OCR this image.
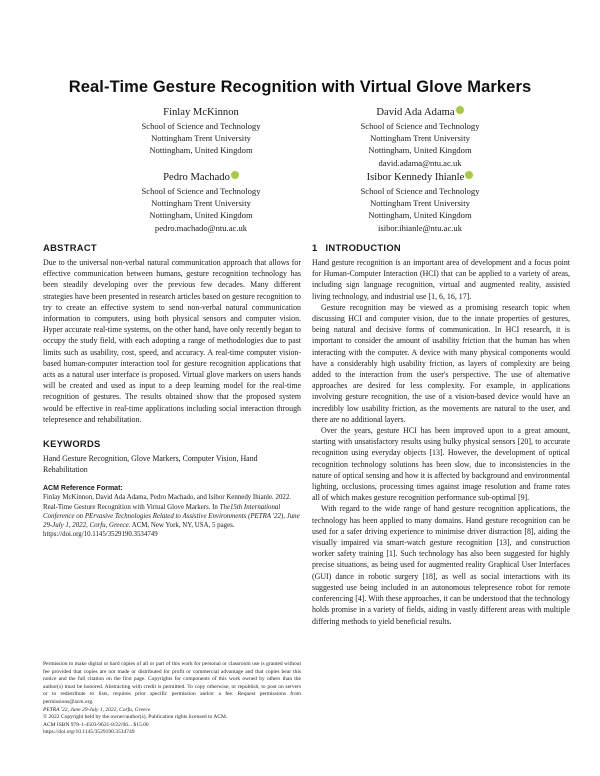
Real-Time Gesture Recognition with Virtual Glove Markers
Finlay McKinnon
School of Science and Technology
Nottingham Trent University
Nottingham, United Kingdom
David Ada Adama
School of Science and Technology
Nottingham Trent University
Nottingham, United Kingdom
david.adama@ntu.ac.uk
Pedro Machado
School of Science and Technology
Nottingham Trent University
Nottingham, United Kingdom
pedro.machado@ntu.ac.uk
Isibor Kennedy Ihianle
School of Science and Technology
Nottingham Trent University
Nottingham, United Kingdom
isibor.ihianle@ntu.ac.uk
ABSTRACT

Due to the universal non-verbal natural communication approach that allows for effective communication between humans, gesture recognition technology has been steadily developing over the previous few decades. Many different strategies have been presented in research articles based on gesture recognition to try to create an effective system to send non-verbal natural communication information to computers, using both physical sensors and computer vision. Hyper accurate real-time systems, on the other hand, have only recently began to occupy the study field, with each adopting a range of methodologies due to past limits such as usability, cost, speed, and accuracy. A real-time computer vision-based human-computer interaction tool for gesture recognition applications that acts as a natural user interface is proposed. Virtual glove markers on users hands will be created and used as input to a deep learning model for the real-time recognition of gestures. The results obtained show that the proposed system would be effective in real-time applications including social interaction through telepresence and rehabilitation.

KEYWORDS

Hand Gesture Recognition, Glove Markers, Computer Vision, Hand Rehabilitation

ACM Reference Format:
Finlay McKinnon, David Ada Adama, Pedro Machado, and Isibor Kennedy Ihianle. 2022. Real-Time Gesture Recognition with Virtual Glove Markers. In The15th International Conference on PErvasive Technologies Related to Assistive Environments (PETRA '22), June 29-July 1, 2022, Corfu, Greece. ACM, New York, NY, USA, 5 pages. https://doi.org/10.1145/3529190.3534749
Permission to make digital or hard copies of all or part of this work for personal or classroom use is granted without fee provided that copies are not made or distributed for profit or commercial advantage and that copies bear this notice and the full citation on the first page. Copyrights for components of this work owned by others than the author(s) must be honored. Abstracting with credit is permitted. To copy otherwise, or republish, to post on servers or to redistribute to lists, requires prior specific permission and/or a fee. Request permissions from permissions@acm.org.
PETRA '22, June 29-July 1, 2022, Corfu, Greece
© 2022 Copyright held by the owner/author(s). Publication rights licensed to ACM.
ACM ISBN 978-1-4503-9631-8/22/06... $15.00
https://doi.org/10.1145/3529190.3534749
1 INTRODUCTION

Hand gesture recognition is an important area of development and a focus point for Human-Computer Interaction (HCI) that can be applied to a variety of areas, including sign language recognition, virtual and augmented reality, assisted living technology, and industrial use [1, 6, 16, 17].

Gesture recognition may be viewed as a promising research topic when discussing HCI and computer vision, due to the innate properties of gestures, being natural and decisive forms of communication. In HCI research, it is important to consider the amount of usability friction that the human has when interacting with the computer. A device with many physical components would have a considerably high usability friction, as layers of complexity are being added to the interaction from the user's perspective. The use of alternative approaches are desired for less complexity. For example, in applications involving gesture recognition, the use of a vision-based device would have an incredibly low usability friction, as the movements are natural to the user, and there are no additional layers.

Over the years, gesture HCI has been improved upon to a great amount, starting with unsatisfactory results using bulky physical sensors [20], to accurate recognition using everyday objects [13]. However, the development of optical recognition technology solutions has been slow, due to inconsistencies in the nature of optical sensing and how it is affected by background and environmental lighting, occlusions, processing times against image resolution and frame rates all of which makes gesture recognition performance sub-optimal [9].

With regard to the wide range of hand gesture recognition applications, the technology has been applied to many domains. Hand gesture recognition can be used for a safer driving experience to minimise driver distraction [8], aiding the visually impaired via smart-watch gesture recognition [13], and construction worker safety training [1]. Such technology has also been suggested for highly precise situations, as being used for augmented reality Graphical User Interfaces (GUI) dance in robotic surgery [18], as well as social interactions with its suggested use being included in an autonomous telepresence robot for remote conferencing [4]. With these approaches, it can be understood that the technology holds promise in a variety of fields, aiding in vastly different areas with multiple differing methods to yield beneficial results.
